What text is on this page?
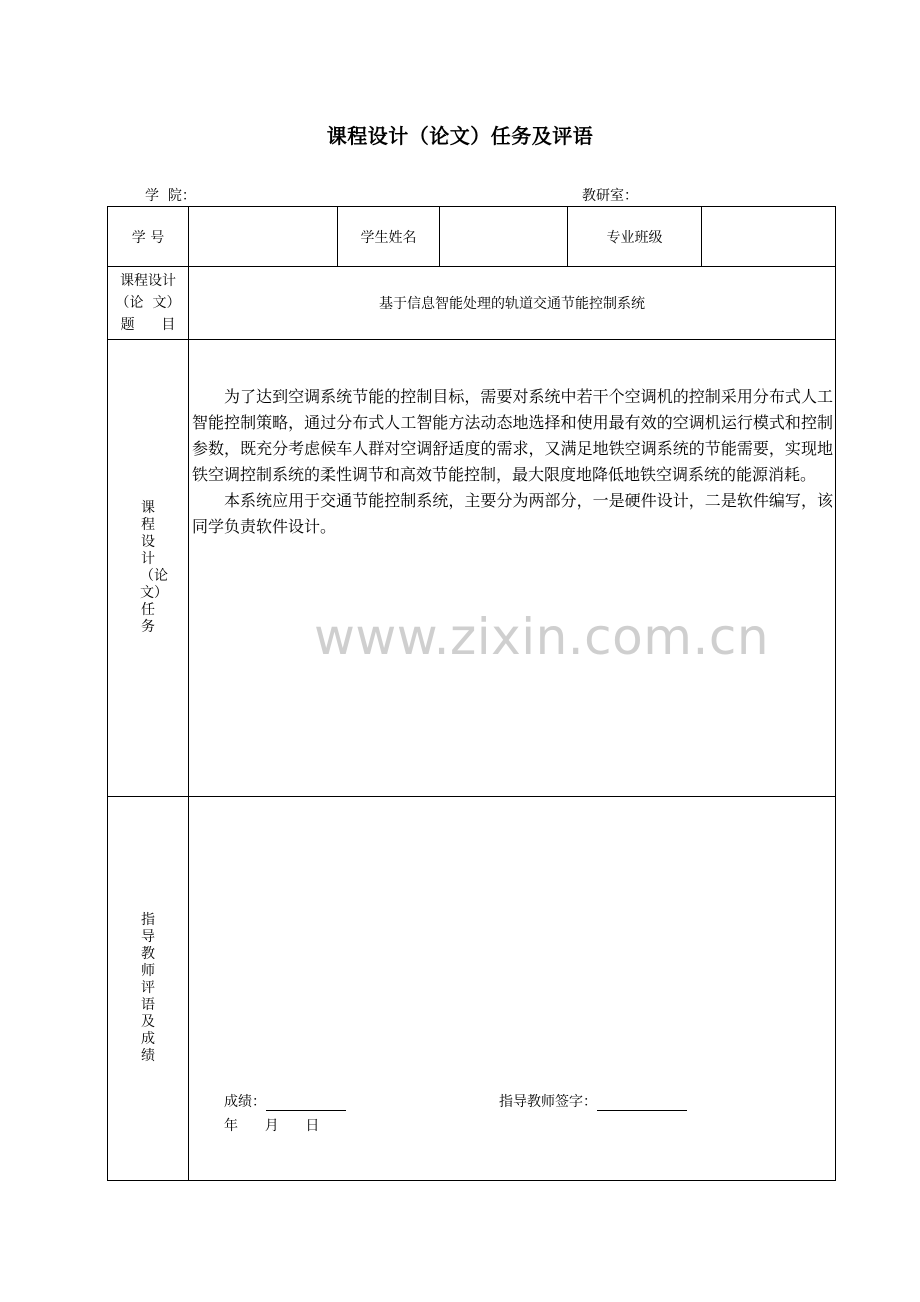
课程设计（论文）任务及评语
学  院：	教研室：
学 号		学生姓名		专业班级	

课程设计
（论  文）
题      目	基于信息智能处理的轨道交通节能控制系统				

课程设计（论文）任务	为了达到空调系统节能的控制目标，需要对系统中若干个空调机的控制采用分布式人工智能控制策略，通过分布式人工智能方法动态地选择和使用最有效的空调机运行模式和控制参数，既充分考虑候车人群对空调舒适度的需求，又满足地铁空调系统的节能需要，实现地铁空调控制系统的柔性调节和高效节能控制，最大限度地降低地铁空调系统的能源消耗。

本系统应用于交通节能控制系统，主要分为两部分，一是硬件设计，二是软件编写，该同学负责软件设计。

www.zixin.com.cn				

指导教师评语及成绩	成绩： 指导教师签字：
年      月      日				
